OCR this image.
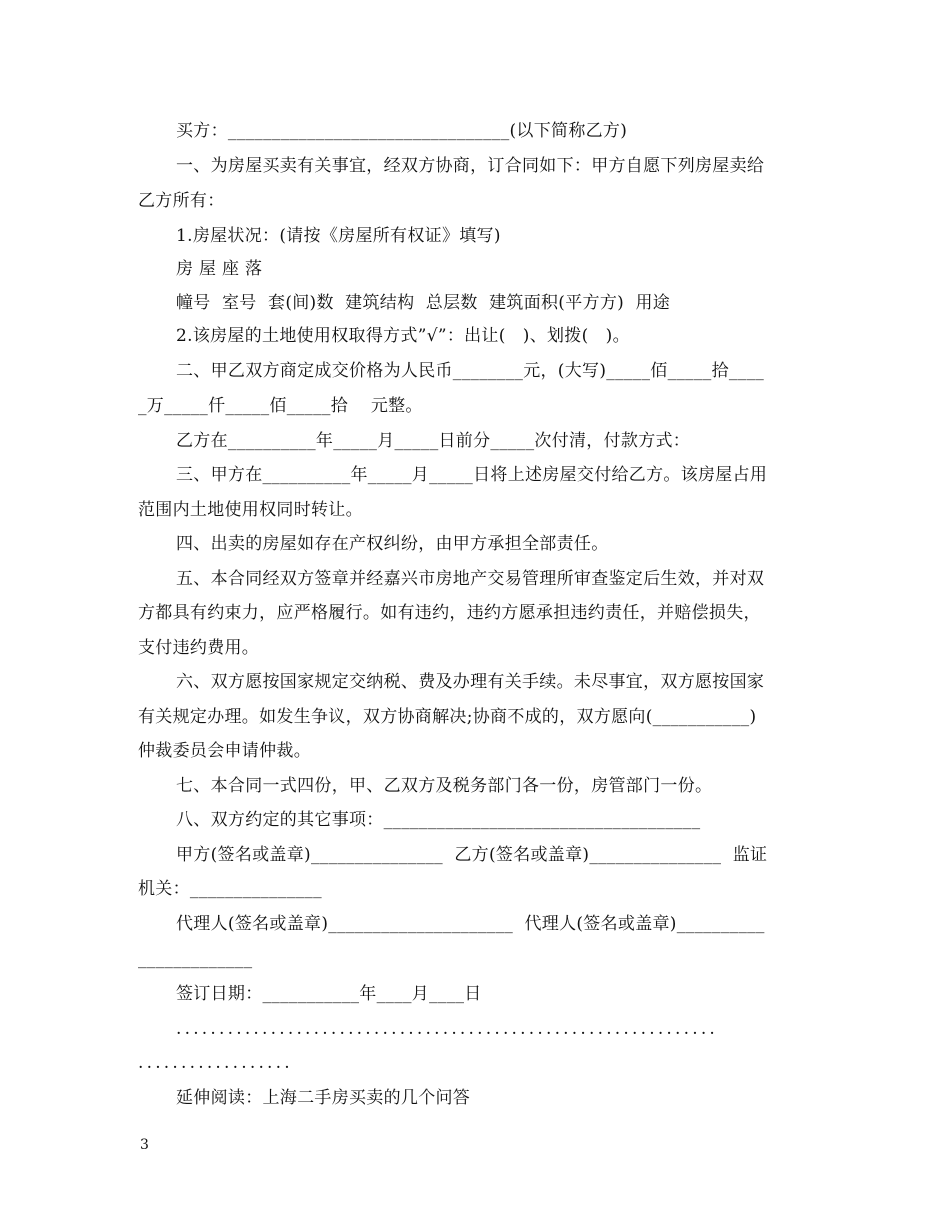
买方：________________________________(以下简称乙方)
一、为房屋买卖有关事宜，经双方协商，订合同如下：甲方自愿下列房屋卖给
乙方所有：
1.房屋状况：(请按《房屋所有权证》填写)
房 屋 座 落
幢号  室号  套(间)数  建筑结构  总层数  建筑面积(平方方)  用途
2.该房屋的土地使用权取得方式”√”：出让(   )、划拨(   )。
二、甲乙双方商定成交价格为人民币________元，(大写)_____佰_____拾____
_万_____仟_____佰_____拾    元整。
乙方在__________年_____月_____日前分_____次付清，付款方式：
三、甲方在__________年_____月_____日将上述房屋交付给乙方。该房屋占用
范围内土地使用权同时转让。
四、出卖的房屋如存在产权纠纷，由甲方承担全部责任。
五、本合同经双方签章并经嘉兴市房地产交易管理所审查鉴定后生效，并对双
方都具有约束力，应严格履行。如有违约，违约方愿承担违约责任，并赔偿损失，
支付违约费用。
六、双方愿按国家规定交纳税、费及办理有关手续。未尽事宜，双方愿按国家
有关规定办理。如发生争议，双方协商解决;协商不成的，双方愿向(___________)
仲裁委员会申请仲裁。
七、本合同一式四份，甲、乙双方及税务部门各一份，房管部门一份。
八、双方约定的其它事项：____________________________________
甲方(签名或盖章)_______________  乙方(签名或盖章)_______________  监证
机关：_______________
代理人(签名或盖章)_____________________  代理人(签名或盖章)__________
_____________
签订日期：___________年____月____日
...............................................................
..................
延伸阅读：上海二手房买卖的几个问答
3
